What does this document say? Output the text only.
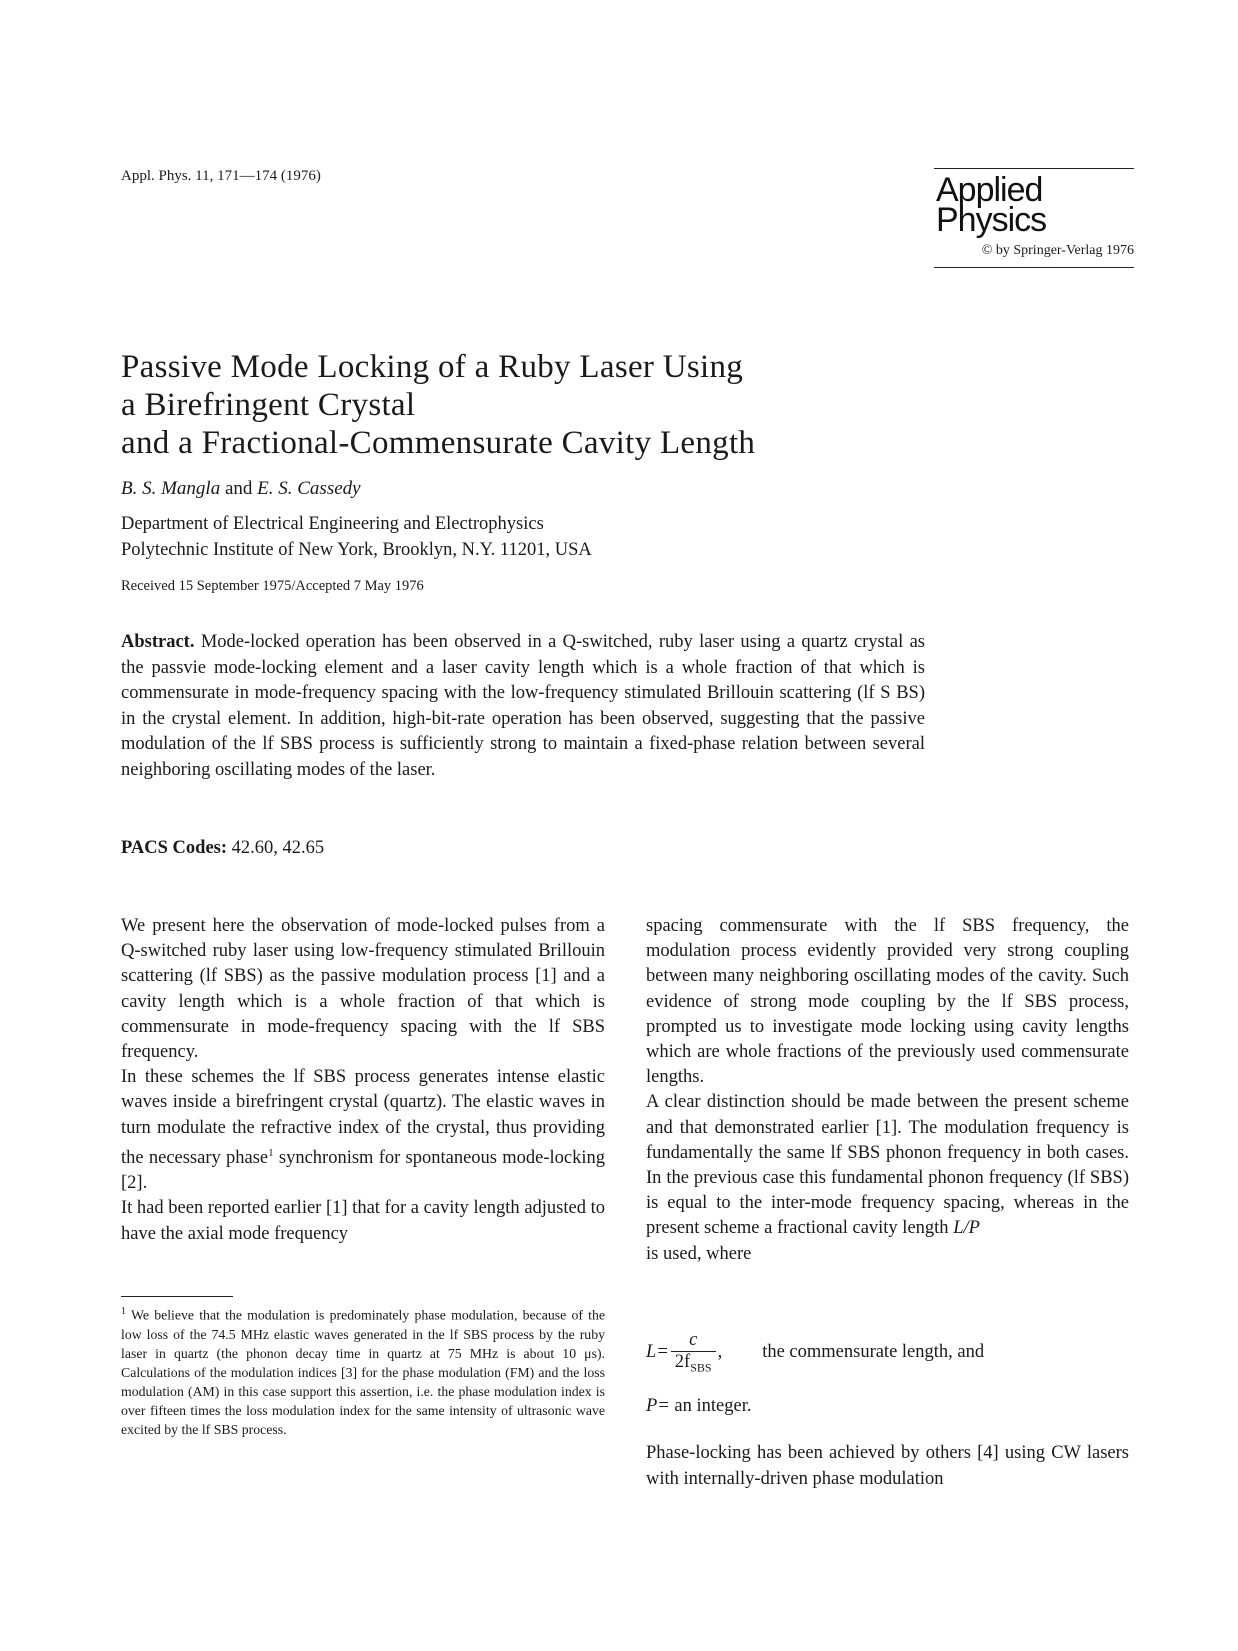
Appl. Phys. 11, 171—174 (1976)	Applied
Physics
© by Springer-Verlag 1976
Passive Mode Locking of a Ruby Laser Using
a Birefringent Crystal
and a Fractional-Commensurate Cavity Length
B. S. Mangla and E. S. Cassedy
Department of Electrical Engineering and Electrophysics
Polytechnic Institute of New York, Brooklyn, N.Y. 11201, USA
Received 15 September 1975/Accepted 7 May 1976
Abstract. Mode-locked operation has been observed in a Q-switched, ruby laser using a quartz crystal as the passvie mode-locking element and a laser cavity length which is a whole fraction of that which is commensurate in mode-frequency spacing with the low-frequency stimulated Brillouin scattering (lf S BS) in the crystal element. In addition, high-bit-rate operation has been observed, suggesting that the passive modulation of the lf SBS process is sufficiently strong to maintain a fixed-phase relation between several neighboring oscillating modes of the laser.
PACS Codes: 42.60, 42.65

We present here the observation of mode-locked pulses from a Q-switched ruby laser using low-frequency stimulated Brillouin scattering (lf SBS) as the passive modulation process [1] and a cavity length which is a whole fraction of that which is commensurate in mode-frequency spacing with the lf SBS frequency.

In these schemes the lf SBS process generates intense elastic waves inside a birefringent crystal (quartz). The elastic waves in turn modulate the refractive index of the crystal, thus providing the necessary phase$^1$ synchronism for spontaneous mode-locking [2].

It had been reported earlier [1] that for a cavity length adjusted to have the axial mode frequency

$^1$ We believe that the modulation is predominately phase modulation, because of the low loss of the 74.5 MHz elastic waves generated in the lf SBS process by the ruby laser in quartz (the phonon decay time in quartz at 75 MHz is about 10 μs). Calculations of the modulation indices [3] for the phase modulation (FM) and the loss modulation (AM) in this case support this assertion, i.e. the phase modulation index is over fifteen times the loss modulation index for the same intensity of ultrasonic wave excited by the lf SBS process.

spacing commensurate with the lf SBS frequency, the modulation process evidently provided very strong coupling between many neighboring oscillating modes of the cavity. Such evidence of strong mode coupling by the lf SBS process, prompted us to investigate mode locking using cavity lengths which are whole fractions of the previously used commensurate lengths.

A clear distinction should be made between the present scheme and that demonstrated earlier [1]. The modulation frequency is fundamentally the same lf SBS phonon frequency in both cases. In the previous case this fundamental phonon frequency (lf SBS) is equal to the inter-mode frequency spacing, whereas in the present scheme a fractional cavity length L/P
is used, where

$L= \frac{c}{2f_{SBS}}$ , the commensurate length, and
P= an integer.
Phase-locking has been achieved by others [4] using CW lasers with internally-driven phase modulation
